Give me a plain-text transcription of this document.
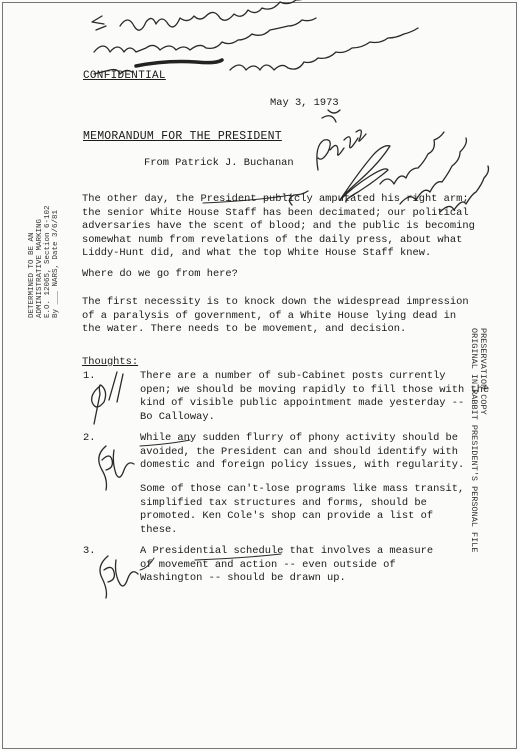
CONFIDENTIAL
May 3, 1973
MEMORANDUM FOR THE PRESIDENT
From Patrick J. Buchanan
The other day, the President publicly amputated his right arm;
the senior White House Staff has been decimated; our political
adversaries have the scent of blood; and the public is becoming
somewhat numb from revelations of the daily press, about what
Liddy-Hunt did, and what the top White House Staff knew.
Where do we go from here?
The first necessity is to knock down the widespread impression
of a paralysis of government, of a White House lying dead in
the water. There needs to be movement, and decision.
Thoughts:
1.	There are a number of sub-Cabinet posts currently
open; we should be moving rapidly to fill those with the
kind of visible public appointment made yesterday --
Bo Calloway.
2.	While any sudden flurry of phony activity should be
avoided, the President can and should identify with
domestic and foreign policy issues, with regularity.
Some of those can't-lose programs like mass transit,
simplified tax structures and forms, should be
promoted. Ken Cole's shop can provide a list of
these.
3.	A Presidential schedule that involves a measure
of movement and action -- even outside of
Washington -- should be drawn up.
DETERMINED TO BE AN ADMINISTRATIVE MARKING E.O. 12065, Section 6-102 By ___ NARS, Date 3/6/81
PRESERVATION COPY
ORIGINAL IN RABBIT PRESIDENT'S PERSONAL FILE
